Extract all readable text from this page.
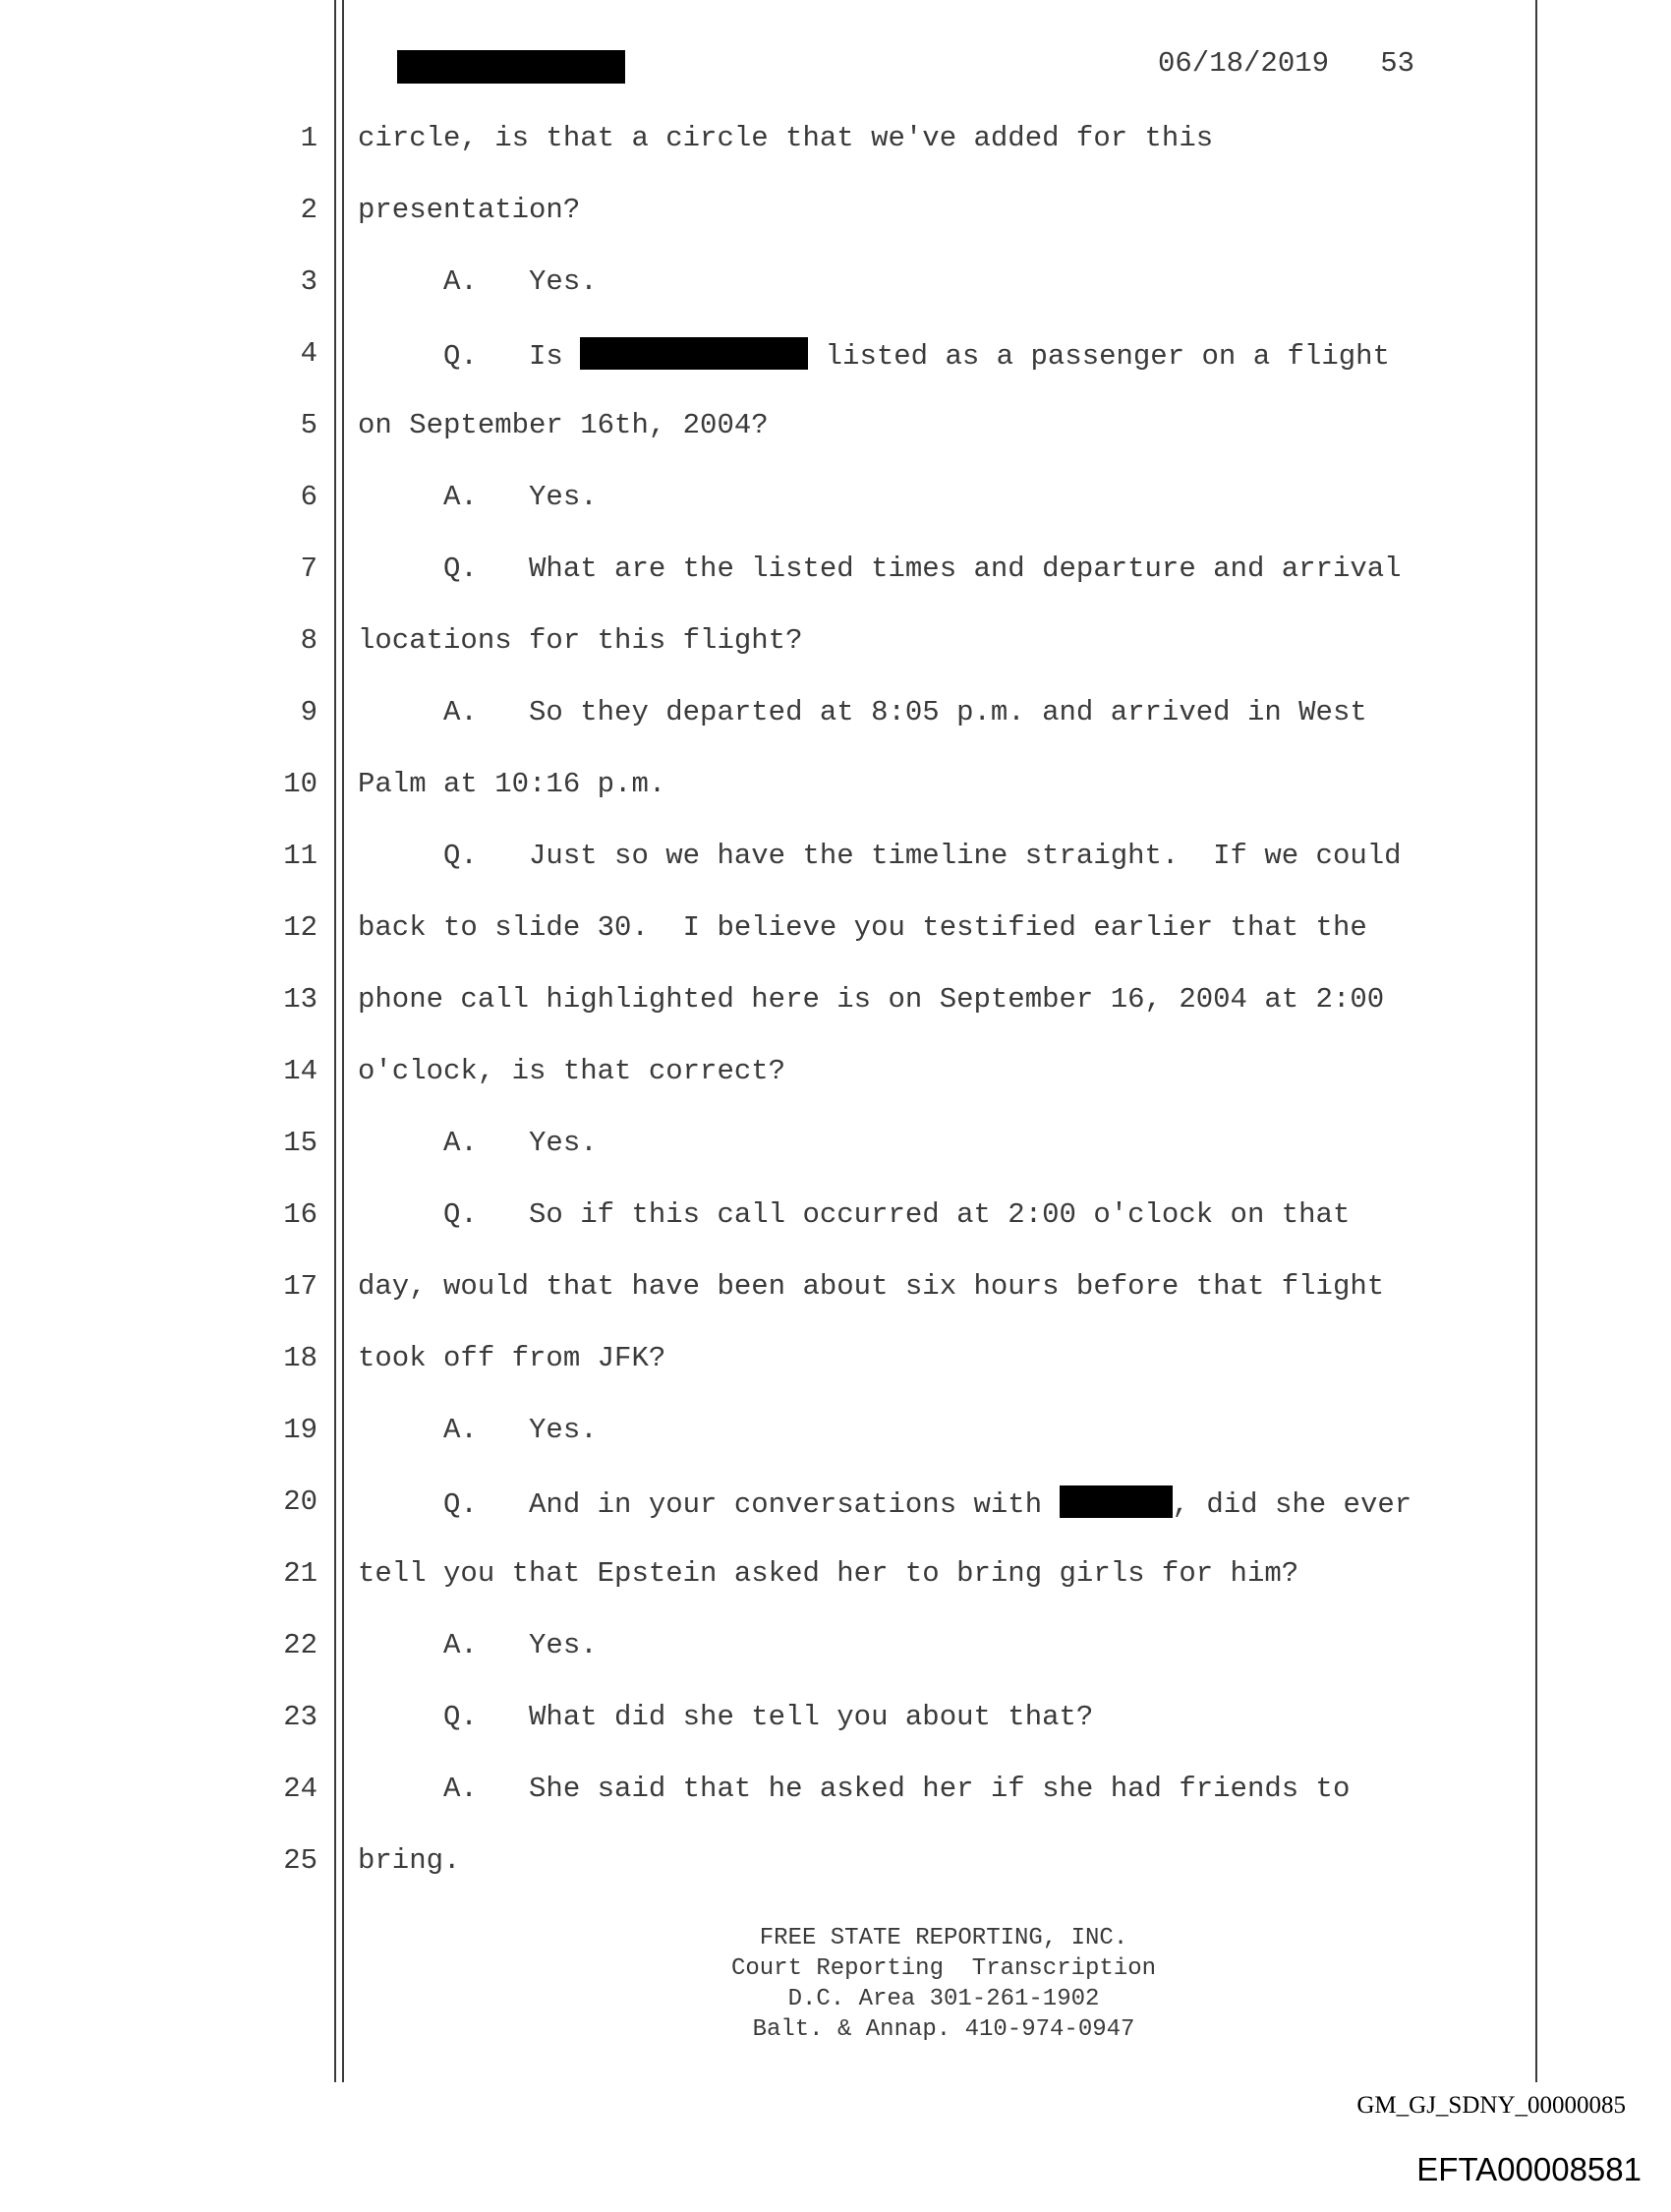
06/18/2019 53
1 circle, is that a circle that we've added for this
2 presentation?
3 A.   Yes.
4 Q.   Is	listed as a passenger on a flight
5 on September 16th, 2004?
6 A.   Yes.
7 Q.   What are the listed times and departure and arrival
8 locations for this flight?
9 A.   So they departed at 8:05 p.m. and arrived in West
10 Palm at 10:16 p.m.
11 Q.   Just so we have the timeline straight.  If we could
12 back to slide 30.  I believe you testified earlier that the
13 phone call highlighted here is on September 16, 2004 at 2:00
14 o'clock, is that correct?
15 A.   Yes.
16 Q.   So if this call occurred at 2:00 o'clock on that
17 day, would that have been about six hours before that flight
18 took off from JFK?
19 A.   Yes.
20 Q.   And in your conversations with	, did she ever
21 tell you that Epstein asked her to bring girls for him?
22 A.   Yes.
23 Q.   What did she tell you about that?
24 A.   She said that he asked her if she had friends to
25 bring.
FREE STATE REPORTING, INC.
Court Reporting  Transcription
D.C. Area 301-261-1902
Balt. & Annap. 410-974-0947
GM_GJ_SDNY_00000085
EFTA00008581
